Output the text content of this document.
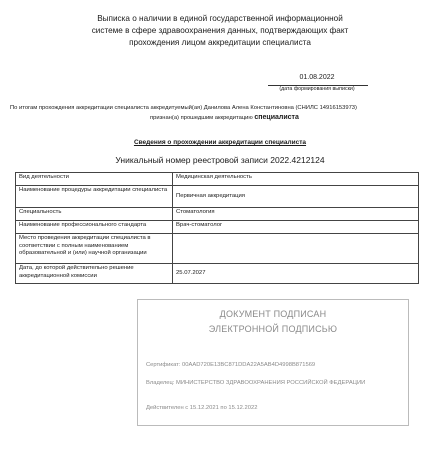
Выписка о наличии в единой государственной информационной
системе в сфере здравоохранения данных, подтверждающих факт
прохождения лицом аккредитации специалиста
01.08.2022
(дата формирования выписки)
По итогам прохождения аккредитации специалиста аккредитуемый(ая) Данилова Алена Константиновна (СНИЛС 14916153973)
признан(а) прошедшим аккредитацию специалиста
Сведения о прохождении аккредитации специалиста
Уникальный номер реестровой записи 2022.4212124
Вид деятельности	Медицинская деятельность
Наименование процедуры аккредитации специалиста	Первичная аккредитация
Специальность	Стоматология
Наименование профессионального стандарта	Врач-стоматолог
Место проведения аккредитации специалиста в соответствии с полным наименованием образовательной и (или) научной организации	
Дата, до которой действительно решение аккредитационной комиссии	25.07.2027
ДОКУМЕНТ ПОДПИСАН
ЭЛЕКТРОННОЙ ПОДПИСЬЮ
Сертификат: 00AAD720E13BC871DDA22A5AB4D4998B871569
Владелец: МИНИСТЕРСТВО ЗДРАВООХРАНЕНИЯ РОССИЙСКОЙ ФЕДЕРАЦИИ
Действителен с 15.12.2021 по 15.12.2022
